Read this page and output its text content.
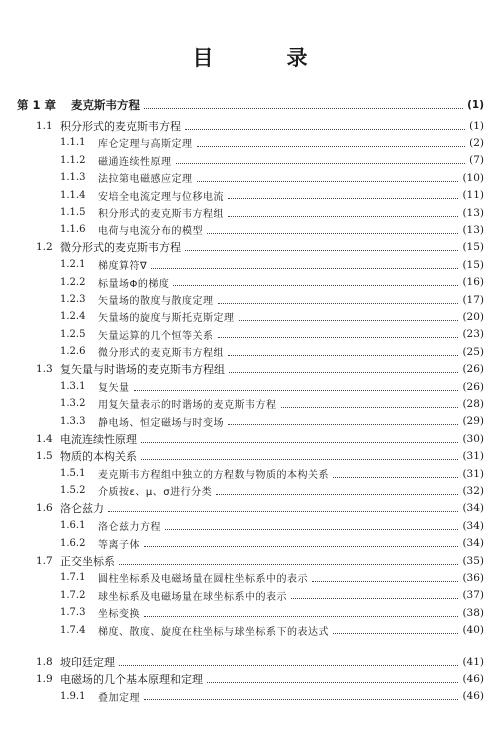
目　录
第 1 章	麦克斯韦方程	(1)
1.1 积分形式的麦克斯韦方程	(1)
1.1.1	库仑定理与高斯定理	(2)
1.1.2	磁通连续性原理	(7)
1.1.3	法拉第电磁感应定理	(10)
1.1.4	安培全电流定理与位移电流	(11)
1.1.5	积分形式的麦克斯韦方程组	(13)
1.1.6	电荷与电流分布的模型	(13)
1.2 微分形式的麦克斯韦方程	(15)
1.2.1	梯度算符∇	(15)
1.2.2	标量场Φ的梯度	(16)
1.2.3	矢量场的散度与散度定理	(17)
1.2.4	矢量场的旋度与斯托克斯定理	(20)
1.2.5	矢量运算的几个恒等关系	(23)
1.2.6	微分形式的麦克斯韦方程组	(25)
1.3 复矢量与时谐场的麦克斯韦方程组	(26)
1.3.1	复矢量	(26)
1.3.2	用复矢量表示的时谐场的麦克斯韦方程	(28)
1.3.3	静电场、恒定磁场与时变场	(29)
1.4 电流连续性原理	(30)
1.5 物质的本构关系	(31)
1.5.1	麦克斯韦方程组中独立的方程数与物质的本构关系	(31)
1.5.2	介质按ε、μ、σ进行分类	(32)
1.6 洛仑兹力	(34)
1.6.1	洛仑兹力方程	(34)
1.6.2	等离子体	(34)
1.7 正交坐标系	(35)
1.7.1	圆柱坐标系及电磁场量在圆柱坐标系中的表示	(36)
1.7.2	球坐标系及电磁场量在球坐标系中的表示	(37)
1.7.3	坐标变换	(38)
1.7.4	梯度、散度、旋度在柱坐标与球坐标系下的表达式	(40)
1.8 坡印廷定理	(41)
1.9 电磁场的几个基本原理和定理	(46)
1.9.1	叠加定理	(46)
